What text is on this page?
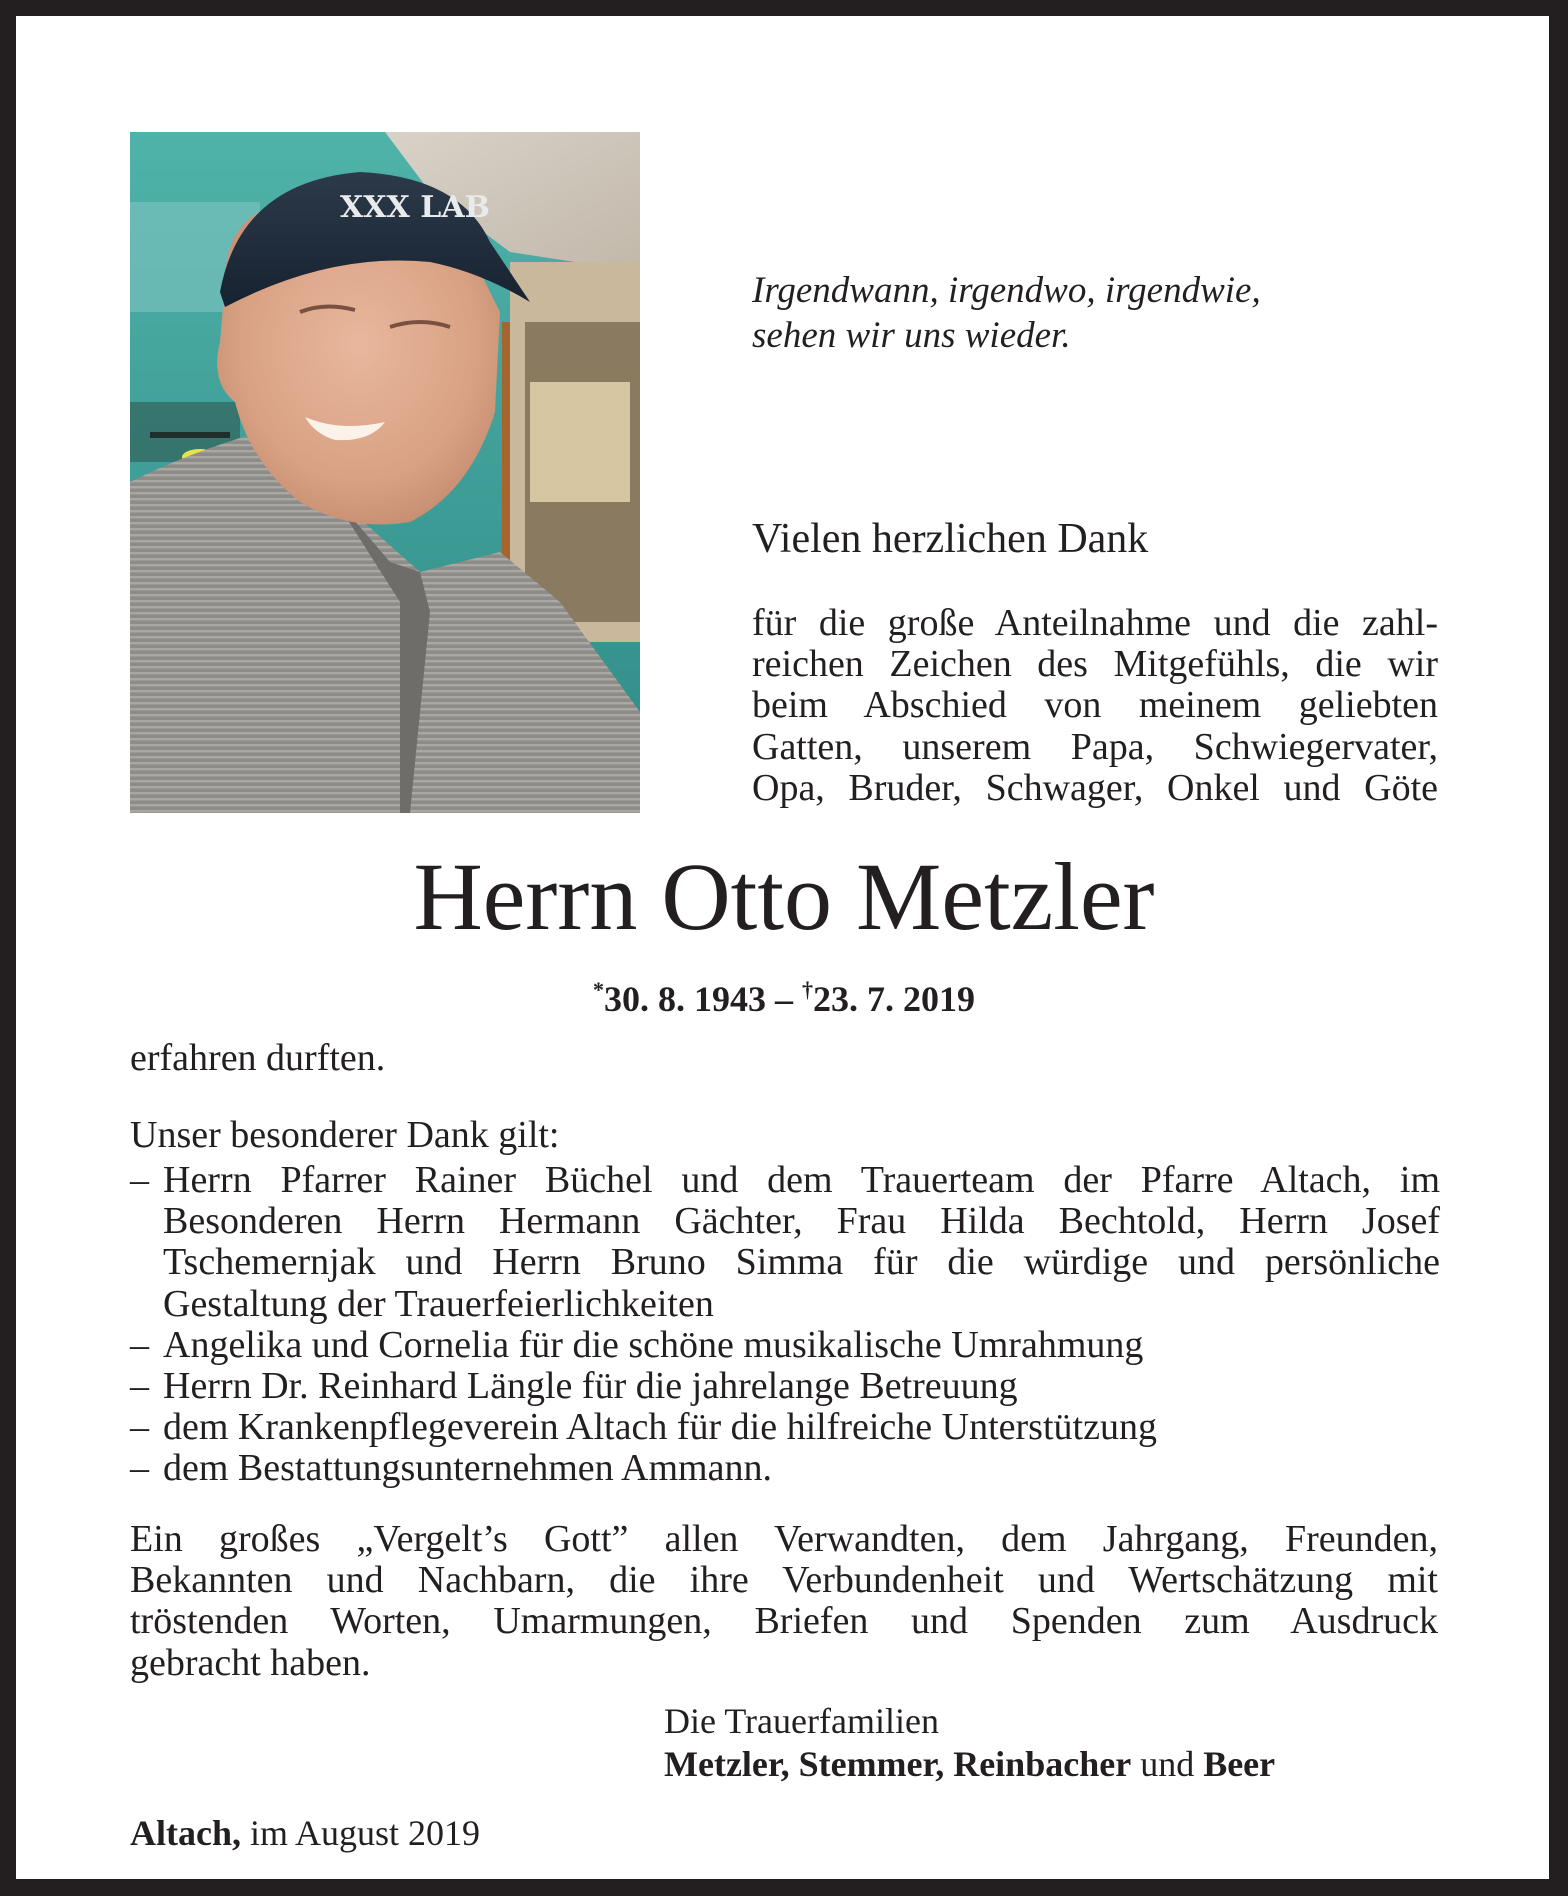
XXX LAB
Irgendwann, irgendwo, irgendwie,
sehen wir uns wieder.
Vielen herzlichen Dank
für die große Anteilnahme und die zahl-
reichen Zeichen des Mitgefühls, die wir
beim Abschied von meinem geliebten
Gatten, unserem Papa, Schwiegervater,
Opa, Bruder, Schwager, Onkel und Göte
Herrn Otto Metzler
*30. 8. 1943 – †23. 7. 2019
erfahren durften.
Unser besonderer Dank gilt:
– Herrn Pfarrer Rainer Büchel und dem Trauerteam der Pfarre Altach, im
Besonderen Herrn Hermann Gächter, Frau Hilda Bechtold, Herrn Josef
Tschemernjak und Herrn Bruno Simma für die würdige und persönliche
Gestaltung der Trauerfeierlichkeiten
– Angelika und Cornelia für die schöne musikalische Umrahmung
– Herrn Dr. Reinhard Längle für die jahrelange Betreuung
– dem Krankenpflegeverein Altach für die hilfreiche Unterstützung
– dem Bestattungsunternehmen Ammann.
Ein großes „Vergelt’s Gott” allen Verwandten, dem Jahrgang, Freunden,
Bekannten und Nachbarn, die ihre Verbundenheit und Wertschätzung mit
tröstenden Worten, Umarmungen, Briefen und Spenden zum Ausdruck
gebracht haben.
Die Trauerfamilien
Metzler, Stemmer, Reinbacher und Beer
Altach, im August 2019
